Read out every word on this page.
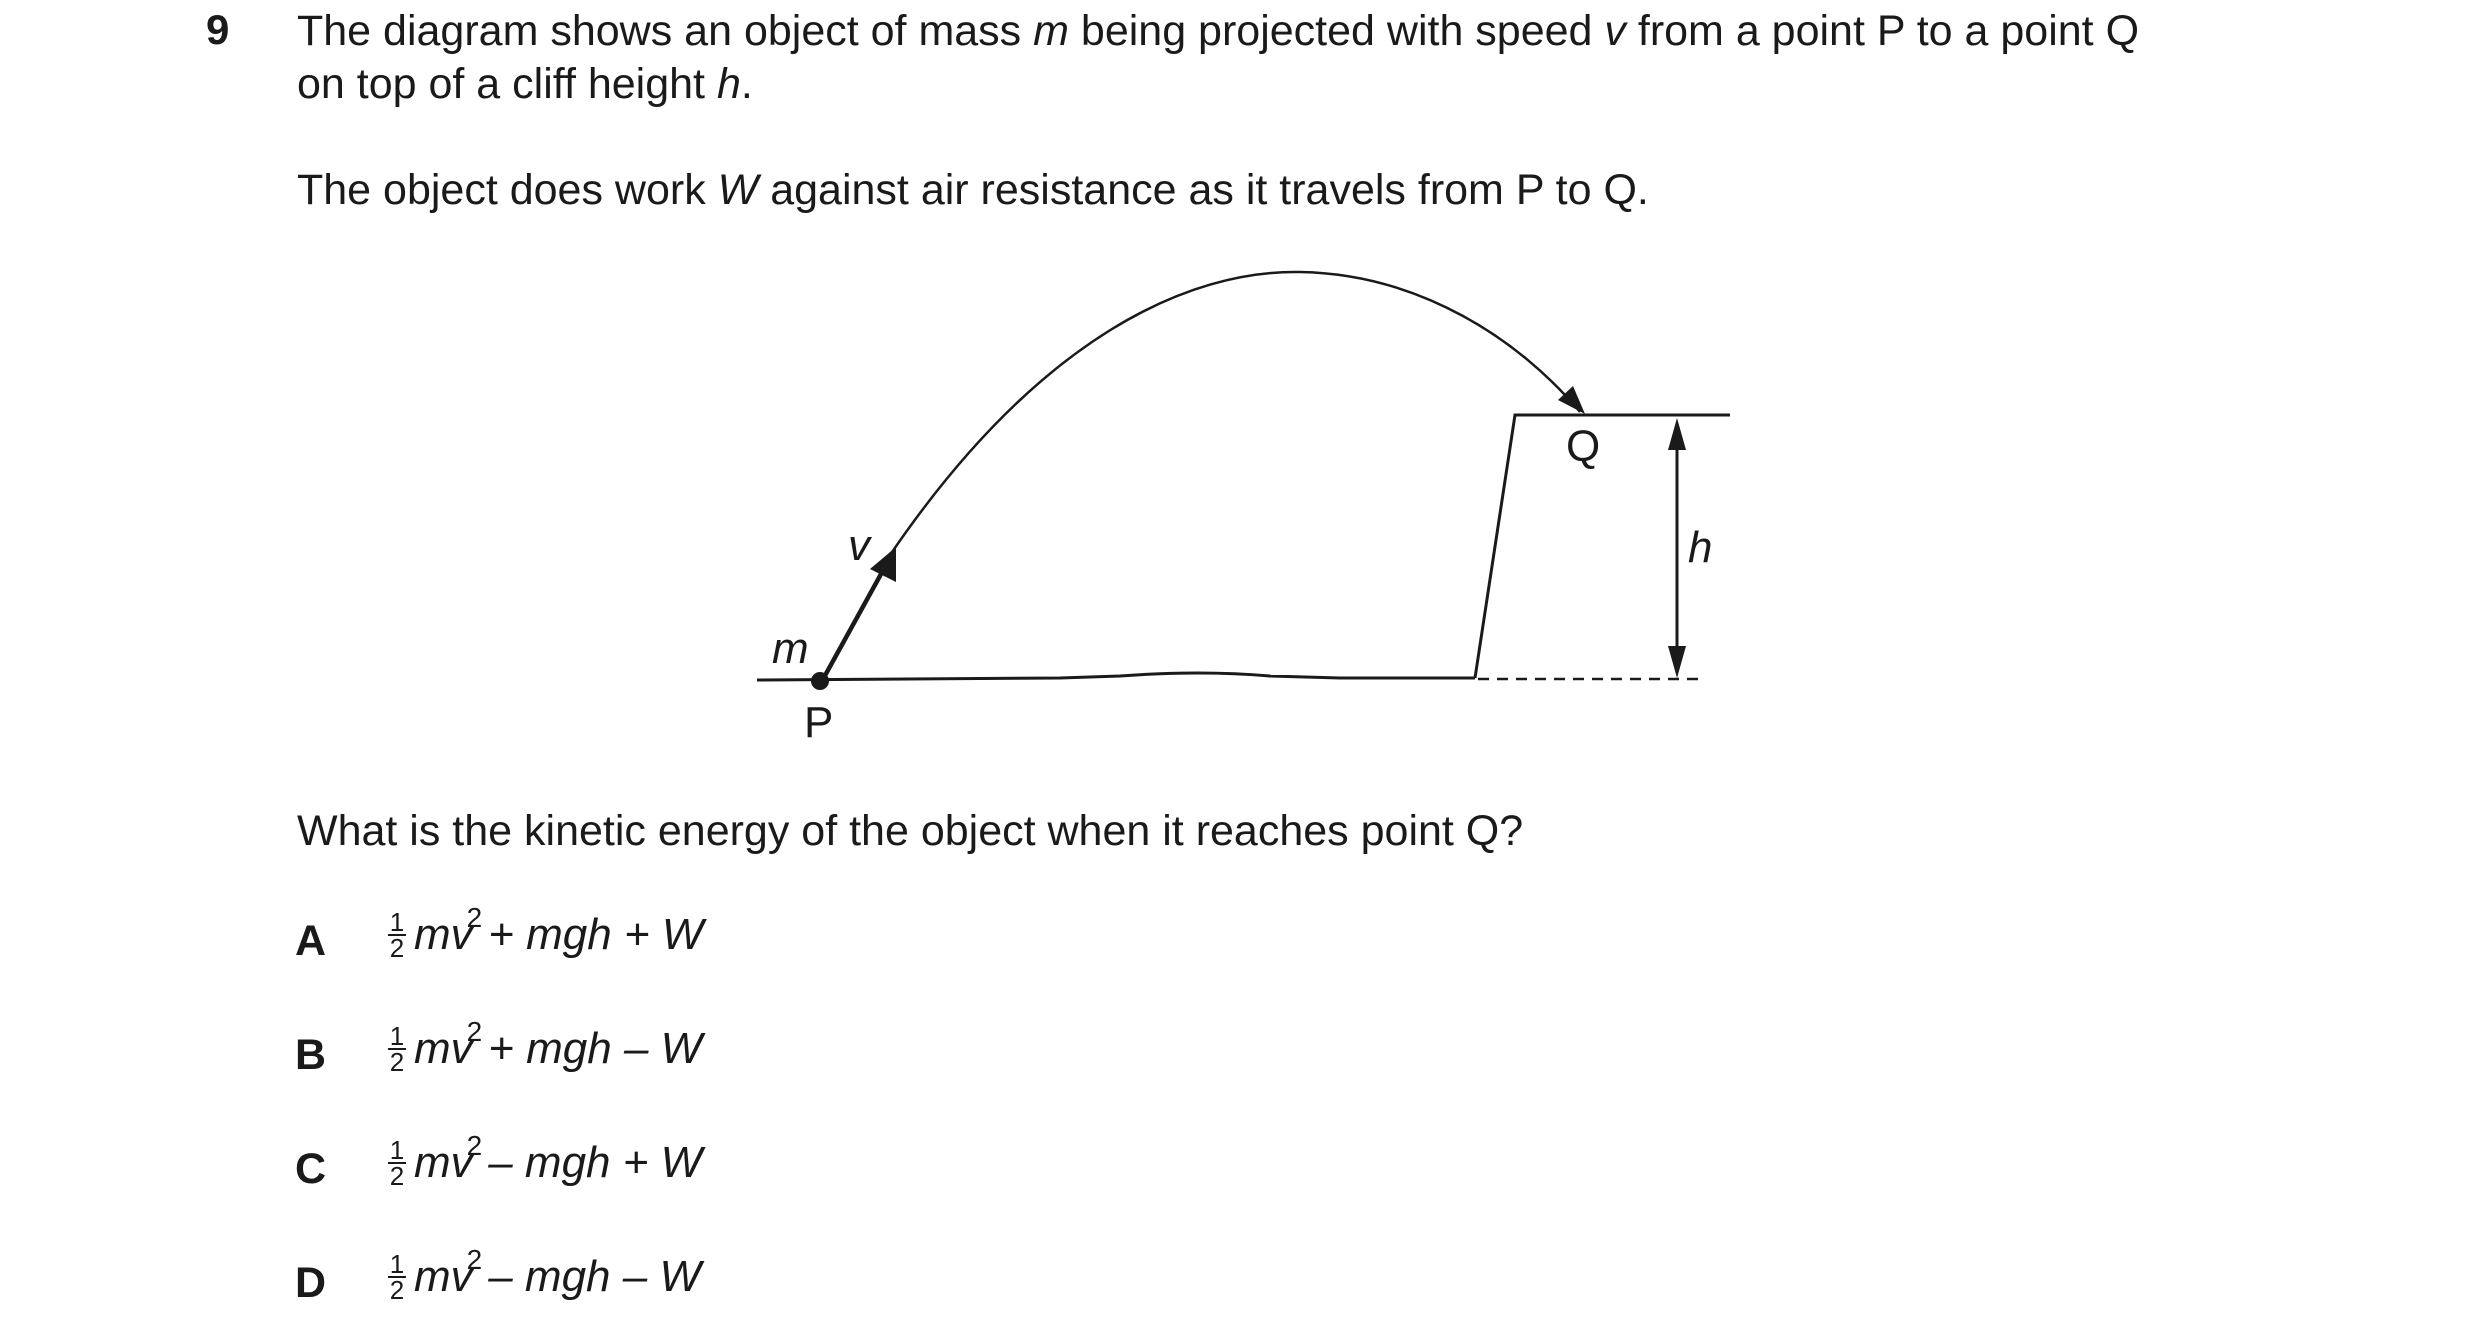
9 The diagram shows an object of mass m being projected with speed v from a point P to a point Q
on top of a cliff height h.
The object does work W against air resistance as it travels from P to Q.
m
v
P
Q
h
What is the kinetic energy of the object when it reaches point Q?
A $\frac{1}{2}$ mv
2 + mgh + W
B $\frac{1}{2}$ mv
2 + mgh – W
C $\frac{1}{2}$ mv
2 – mgh + W
D $\frac{1}{2}$ mv
2 – mgh – W
